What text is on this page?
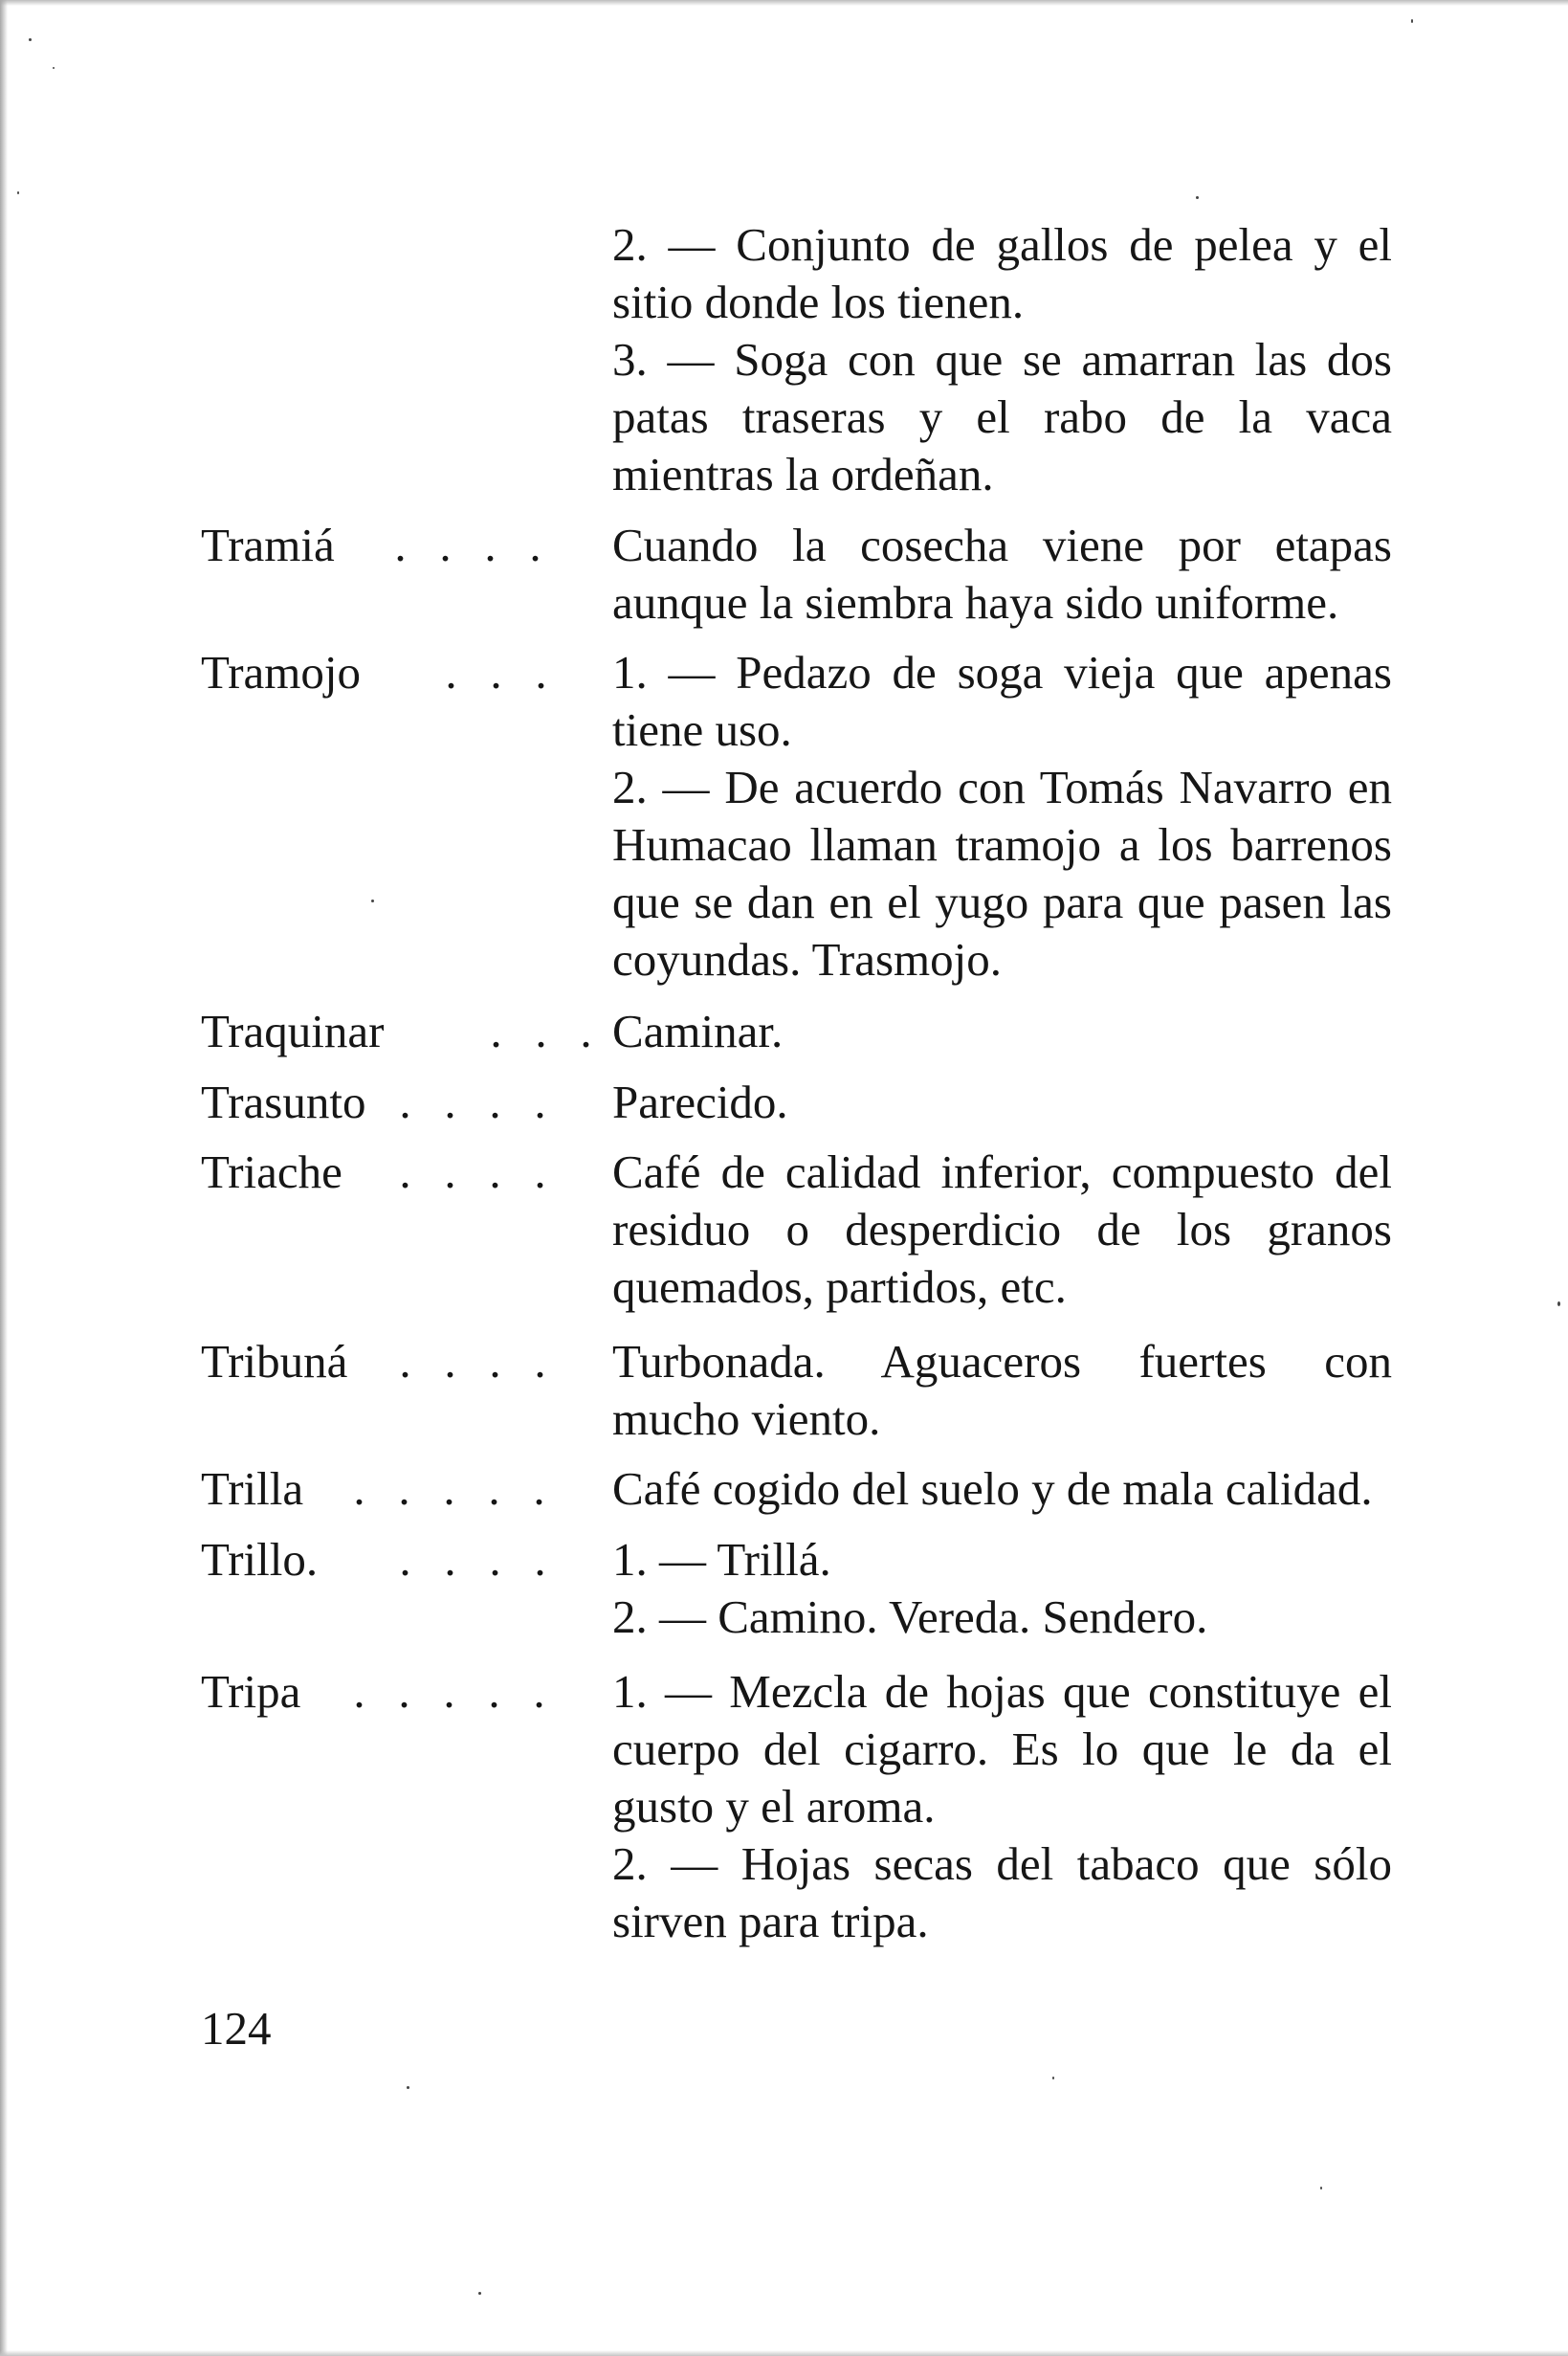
2. — Conjunto de gallos de pelea y el sitio donde los tienen.

3. — Soga con que se amarran las dos patas traseras y el rabo de la vaca mientras la ordeñan.

Tramiá	. . . .	Cuando la cosecha viene por etapas aunque la siembra haya sido uniforme.

Tramojo	. . .	1. — Pedazo de soga vieja que apenas tiene uso.

2. — De acuerdo con Tomás Navarro en Humacao llaman tramojo a los barrenos que se dan en el yugo para que pasen las coyundas. Trasmojo.

Traquinar	. . . Caminar.

Trasunto . . . .	Parecido.

Triache	. . . .	Café de calidad inferior, compuesto del residuo o desperdicio de los granos quemados, partidos, etc.

Tribuná	. . . .	Turbonada. Aguaceros fuertes con mucho viento.

Trilla	. . . . .	Café cogido del suelo y de mala calidad.

Trillo.	. . . .	1. — Trillá.

2. — Camino. Vereda. Sendero.

Tripa	. . . . .	1. — Mezcla de hojas que constituye el cuerpo del cigarro. Es lo que le da el gusto y el aroma.

2. — Hojas secas del tabaco que sólo sirven para tripa.

124
